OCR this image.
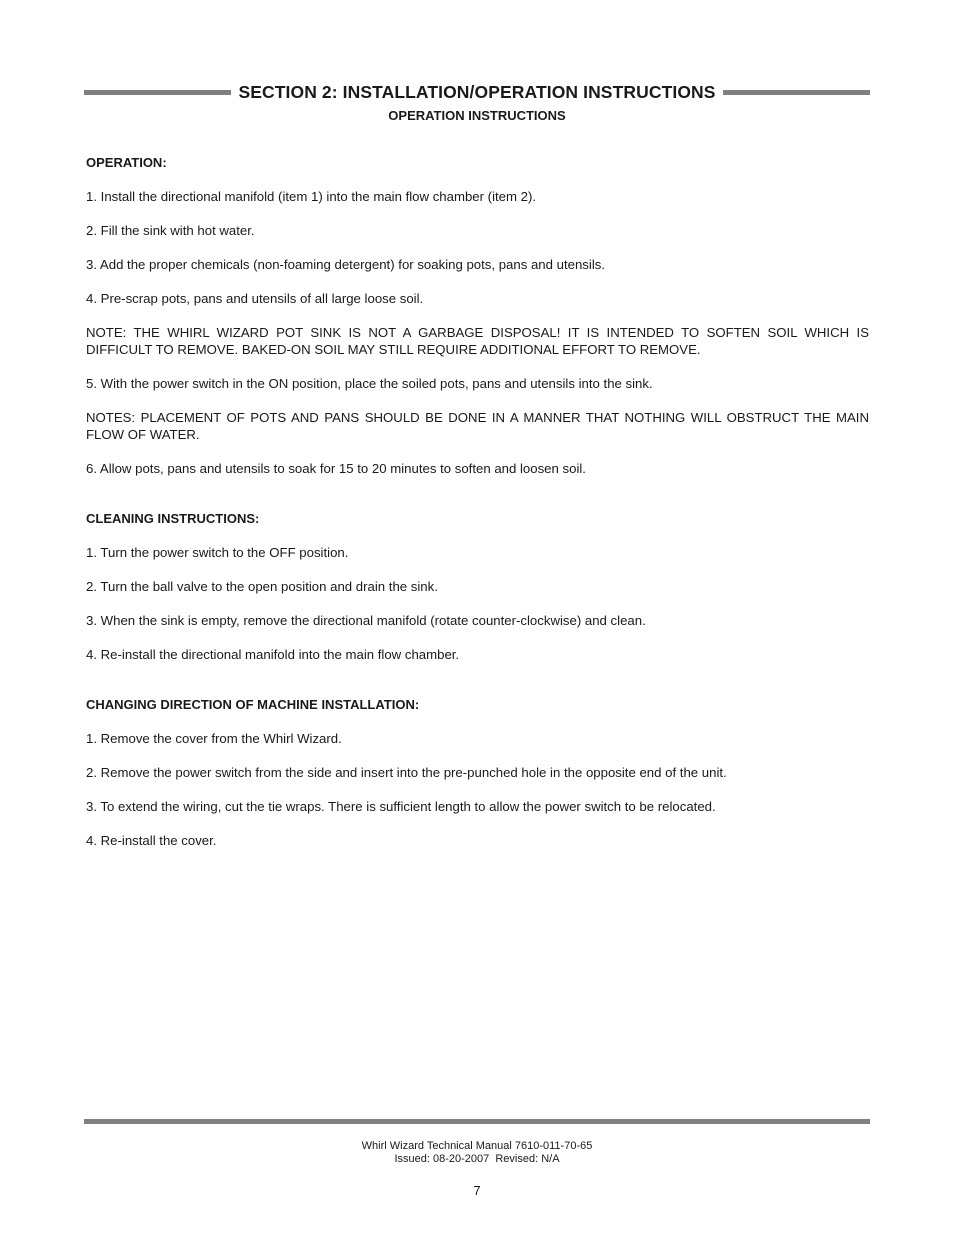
SECTION 2: INSTALLATION/OPERATION INSTRUCTIONS
OPERATION INSTRUCTIONS

OPERATION:

1. Install the directional manifold (item 1) into the main flow chamber (item 2).

2. Fill the sink with hot water.

3. Add the proper chemicals (non-foaming detergent) for soaking pots, pans and utensils.

4. Pre-scrap pots, pans and utensils of all large loose soil.

NOTE: THE WHIRL WIZARD POT SINK IS NOT A GARBAGE DISPOSAL! IT IS INTENDED TO SOFTEN SOIL WHICH IS DIFFICULT TO REMOVE. BAKED-ON SOIL MAY STILL REQUIRE ADDITIONAL EFFORT TO REMOVE.

5. With the power switch in the ON position, place the soiled pots, pans and utensils into the sink.

NOTES: PLACEMENT OF POTS AND PANS SHOULD BE DONE IN A MANNER THAT NOTHING WILL OBSTRUCT THE MAIN FLOW OF WATER.

6. Allow pots, pans and utensils to soak for 15 to 20 minutes to soften and loosen soil.

CLEANING INSTRUCTIONS:

1. Turn the power switch to the OFF position.

2. Turn the ball valve to the open position and drain the sink.

3. When the sink is empty, remove the directional manifold (rotate counter-clockwise) and clean.

4. Re-install the directional manifold into the main flow chamber.

CHANGING DIRECTION OF MACHINE INSTALLATION:

1. Remove the cover from the Whirl Wizard.

2. Remove the power switch from the side and insert into the pre-punched hole in the opposite end of the unit.

3. To extend the wiring, cut the tie wraps. There is sufficient length to allow the power switch to be relocated.

4. Re-install the cover.

Whirl Wizard Technical Manual 7610-011-70-65
Issued: 08-20-2007  Revised: N/A
7
